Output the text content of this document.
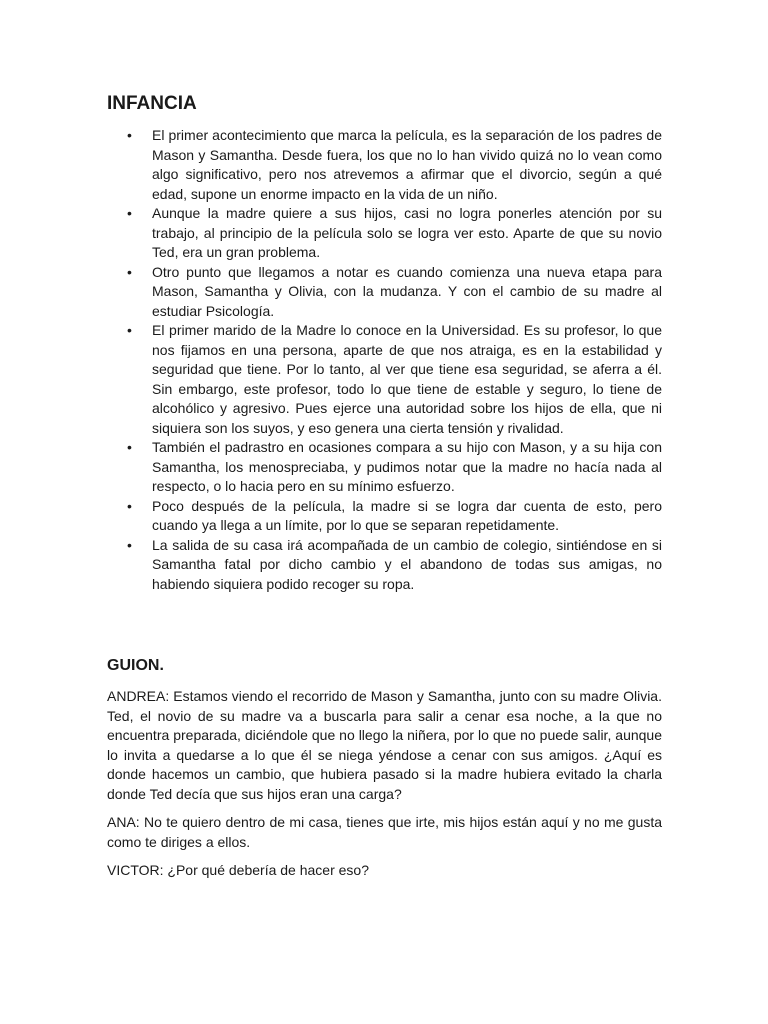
INFANCIA
• El primer acontecimiento que marca la película, es la separación de los padres de Mason y Samantha. Desde fuera, los que no lo han vivido quizá no lo vean como algo significativo, pero nos atrevemos a afirmar que el divorcio, según a qué edad, supone un enorme impacto en la vida de un niño.
• Aunque la madre quiere a sus hijos, casi no logra ponerles atención por su trabajo, al principio de la película solo se logra ver esto. Aparte de que su novio Ted, era un gran problema.
• Otro punto que llegamos a notar es cuando comienza una nueva etapa para Mason, Samantha y Olivia, con la mudanza. Y con el cambio de su madre al estudiar Psicología.
• El primer marido de la Madre lo conoce en la Universidad. Es su profesor, lo que nos fijamos en una persona, aparte de que nos atraiga, es en la estabilidad y seguridad que tiene. Por lo tanto, al ver que tiene esa seguridad, se aferra a él. Sin embargo, este profesor, todo lo que tiene de estable y seguro, lo tiene de alcohólico y agresivo. Pues ejerce una autoridad sobre los hijos de ella, que ni siquiera son los suyos, y eso genera una cierta tensión y rivalidad.
• También el padrastro en ocasiones compara a su hijo con Mason, y a su hija con Samantha, los menospreciaba, y pudimos notar que la madre no hacía nada al respecto, o lo hacia pero en su mínimo esfuerzo.
• Poco después de la película, la madre si se logra dar cuenta de esto, pero cuando ya llega a un límite, por lo que se separan repetidamente.
• La salida de su casa irá acompañada de un cambio de colegio, sintiéndose en si Samantha fatal por dicho cambio y el abandono de todas sus amigas, no habiendo siquiera podido recoger su ropa.
GUION.

ANDREA: Estamos viendo el recorrido de Mason y Samantha, junto con su madre Olivia. Ted, el novio de su madre va a buscarla para salir a cenar esa noche, a la que no encuentra preparada, diciéndole que no llego la niñera, por lo que no puede salir, aunque lo invita a quedarse a lo que él se niega yéndose a cenar con sus amigos. ¿Aquí es donde hacemos un cambio, que hubiera pasado si la madre hubiera evitado la charla donde Ted decía que sus hijos eran una carga?

ANA: No te quiero dentro de mi casa, tienes que irte, mis hijos están aquí y no me gusta como te diriges a ellos.

VICTOR: ¿Por qué debería de hacer eso?
